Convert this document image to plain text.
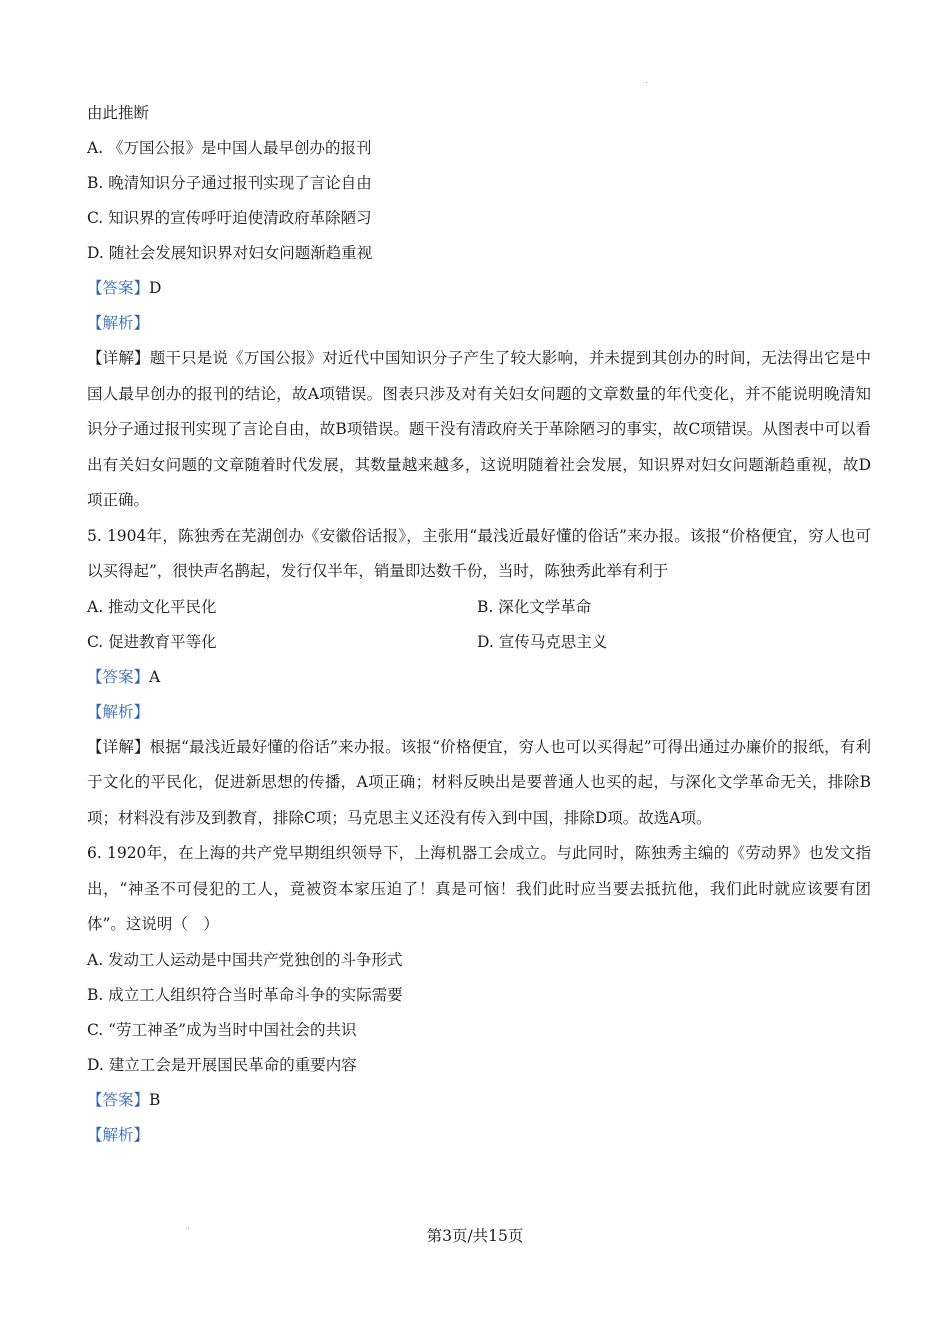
由此推断
A. 《万国公报》是中国人最早创办的报刊
B. 晚清知识分子通过报刊实现了言论自由
C. 知识界的宣传呼吁迫使清政府革除陋习
D. 随社会发展知识界对妇女问题渐趋重视
【答案】D
【解析】
【详解】题干只是说《万国公报》对近代中国知识分子产生了较大影响，并未提到其创办的时间，无法得出它是中国人最早创办的报刊的结论，故A项错误。图表只涉及对有关妇女问题的文章数量的年代变化，并不能说明晚清知识分子通过报刊实现了言论自由，故B项错误。题干没有清政府关于革除陋习的事实，故C项错误。从图表中可以看出有关妇女问题的文章随着时代发展，其数量越来越多，这说明随着社会发展，知识界对妇女问题渐趋重视，故D项正确。
5. 1904年，陈独秀在芜湖创办《安徽俗话报》，主张用“最浅近最好懂的俗话”来办报。该报“价格便宜，穷人也可以买得起”，很快声名鹊起，发行仅半年，销量即达数千份，当时，陈独秀此举有利于
A. 推动文化平民化	B. 深化文学革命
C. 促进教育平等化	D. 宣传马克思主义
【答案】A
【解析】
【详解】根据“最浅近最好懂的俗话”来办报。该报“价格便宜，穷人也可以买得起”可得出通过办廉价的报纸，有利于文化的平民化，促进新思想的传播，A项正确；材料反映出是要普通人也买的起，与深化文学革命无关，排除B项；材料没有涉及到教育，排除C项；马克思主义还没有传入到中国，排除D项。故选A项。
6. 1920年，在上海的共产党早期组织领导下，上海机器工会成立。与此同时，陈独秀主编的《劳动界》也发文指出，“神圣不可侵犯的工人，竟被资本家压迫了！真是可恼！我们此时应当要去抵抗他，我们此时就应该要有团体”。这说明（　）
A. 发动工人运动是中国共产党独创的斗争形式
B. 成立工人组织符合当时革命斗争的实际需要
C. “劳工神圣”成为当时中国社会的共识
D. 建立工会是开展国民革命的重要内容
【答案】B
【解析】
第3页/共15页
